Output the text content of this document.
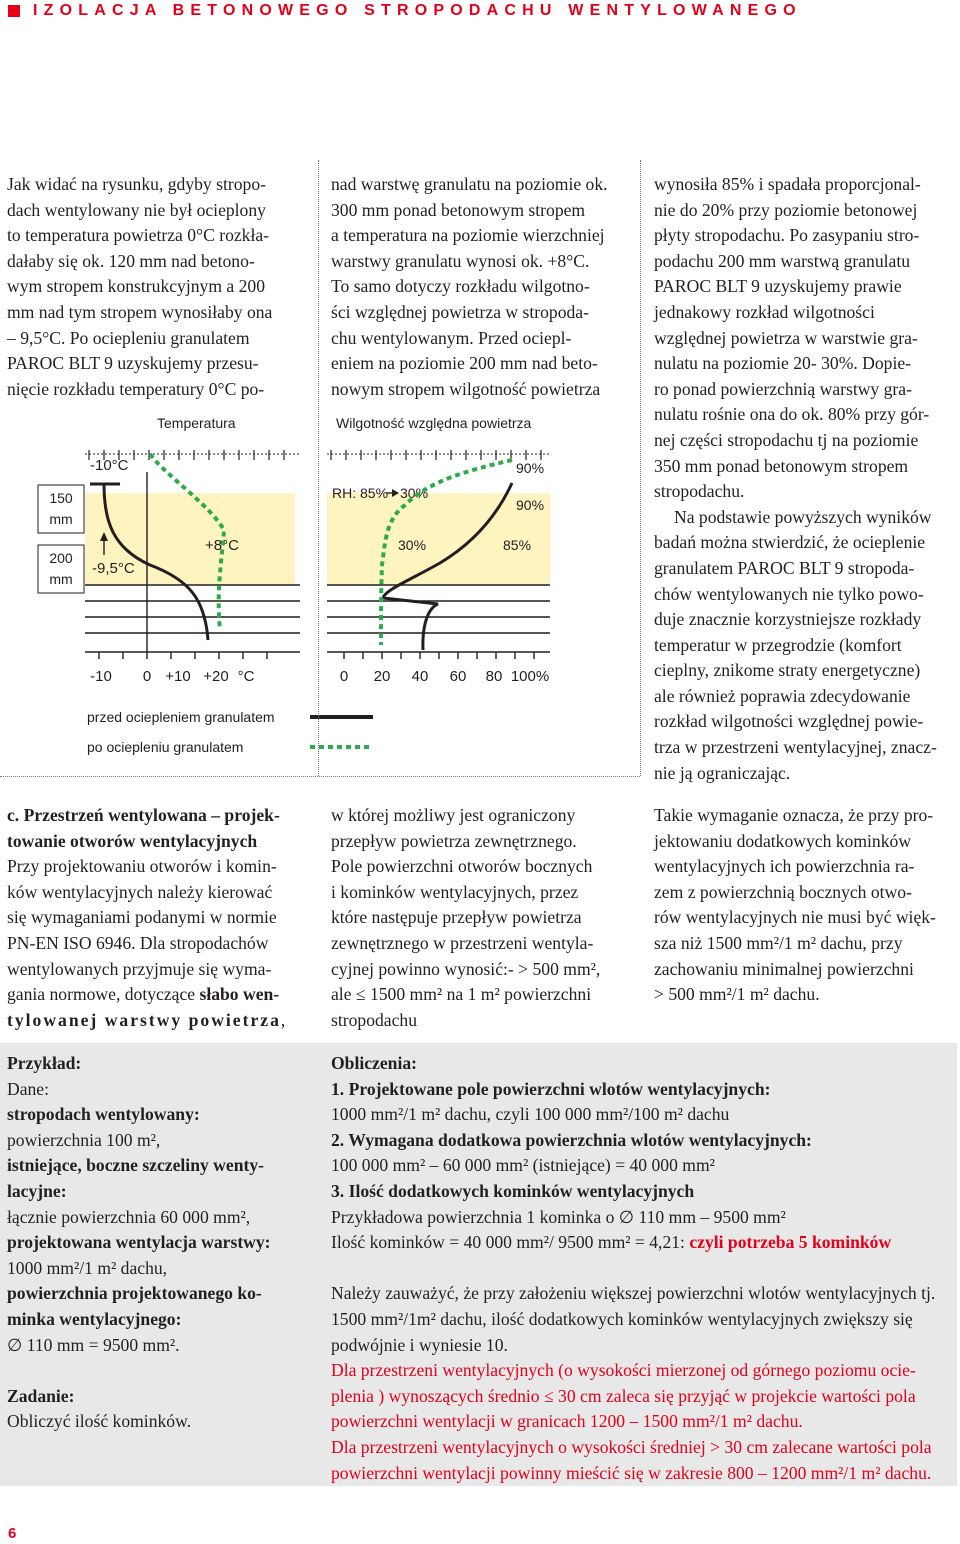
IZOLACJA BETONOWEGO STROPODACHU WENTYLOWANEGO

Jak widać na rysunku, gdyby stropo-

dach wentylowany nie był ocieplony

to temperatura powietrza 0°C rozkła-

dałaby się ok. 120 mm nad betono-

wym stropem konstrukcyjnym a 200

mm nad tym stropem wynosiłaby ona

– 9,5°C. Po ociepleniu granulatem

PAROC BLT 9 uzyskujemy przesu-

nięcie rozkładu temperatury 0°C po-

nad warstwę granulatu na poziomie ok.

300 mm ponad betonowym stropem

a temperatura na poziomie wierzchniej

warstwy granulatu wynosi ok. +8°C.

To samo dotyczy rozkładu wilgotno-

ści względnej powietrza w stropoda-

chu wentylowanym. Przed ociepl-

eniem na poziomie 200 mm nad beto-

nowym stropem wilgotność powietrza

wynosiła 85% i spadała proporcjonal-

nie do 20% przy poziomie betonowej

płyty stropodachu. Po zasypaniu stro-

podachu 200 mm warstwą granulatu

PAROC BLT 9 uzyskujemy prawie

jednakowy rozkład wilgotności

względnej powietrza w warstwie gra-

nulatu na poziomie 20- 30%. Dopie-

ro ponad powierzchnią warstwy gra-

nulatu rośnie ona do ok. 80% przy gór-

nej części stropodachu tj na poziomie

350 mm ponad betonowym stropem

stropodachu.

Na podstawie powyższych wyników

badań można stwierdzić, że ocieplenie

granulatem PAROC BLT 9 stropoda-

chów wentylowanych nie tylko powo-

duje znacznie korzystniejsze rozkłady

temperatur w przegrodzie (komfort

cieplny, znikome straty energetyczne)

ale również poprawia zdecydowanie

rozkład wilgotności względnej powie-

trza w przestrzeni wentylacyjnej, znacz-

nie ją ograniczając.

Temperatura	Wilgotność względna powietrza
150
mm
200
mm
-10°C
+8°C
-9,5°C
RH: 85% 30%
90%
90%
30%	85%
-10 0 +10 +20 °C	0 20 40 60 80 100%
przed ociepleniem granulatem
po ociepleniu granulatem

c. Przestrzeń wentylowana – projek-

towanie otworów wentylacyjnych

Przy projektowaniu otworów i komin-

ków wentylacyjnych należy kierować

się wymaganiami podanymi w normie

PN-EN ISO 6946. Dla stropodachów

wentylowanych przyjmuje się wyma-

gania normowe, dotyczące słabo wen-

tylowanej warstwy powietrza,

w której możliwy jest ograniczony

przepływ powietrza zewnętrznego.

Pole powierzchni otworów bocznych

i kominków wentylacyjnych, przez

które następuje przepływ powietrza

zewnętrznego w przestrzeni wentyla-

cyjnej powinno wynosić:- > 500 mm²,

ale ≤ 1500 mm² na 1 m² powierzchni

stropodachu

Takie wymaganie oznacza, że przy pro-

jektowaniu dodatkowych kominków

wentylacyjnych ich powierzchnia ra-

zem z powierzchnią bocznych otwo-

rów wentylacyjnych nie musi być więk-

sza niż 1500 mm²/1 m² dachu, przy

zachowaniu minimalnej powierzchni

> 500 mm²/1 m² dachu.

Przykład:

Dane:

stropodach wentylowany:

powierzchnia 100 m²,

istniejące, boczne szczeliny wenty-

lacyjne:

łącznie powierzchnia 60 000 mm²,

projektowana wentylacja warstwy:

1000 mm²/1 m² dachu,

powierzchnia projektowanego ko-

minka wentylacyjnego:

∅ 110 mm = 9500 mm².

Zadanie:

Obliczyć ilość kominków.

Obliczenia:

1. Projektowane pole powierzchni wlotów wentylacyjnych:

1000 mm²/1 m² dachu, czyli 100 000 mm²/100 m² dachu

2. Wymagana dodatkowa powierzchnia wlotów wentylacyjnych:

100 000 mm² – 60 000 mm² (istniejące) = 40 000 mm²

3. Ilość dodatkowych kominków wentylacyjnych

Przykładowa powierzchnia 1 kominka o ∅ 110 mm – 9500 mm²

Ilość kominków = 40 000 mm²/ 9500 mm² = 4,21: czyli potrzeba 5 kominków

Należy zauważyć, że przy założeniu większej powierzchni wlotów wentylacyjnych tj.

1500 mm²/1m² dachu, ilość dodatkowych kominków wentylacyjnych zwiększy się

podwójnie i wyniesie 10.

Dla przestrzeni wentylacyjnych (o wysokości mierzonej od górnego poziomu ocie-

plenia ) wynoszących średnio ≤ 30 cm zaleca się przyjąć w projekcie wartości pola

powierzchni wentylacji w granicach 1200 – 1500 mm²/1 m² dachu.

Dla przestrzeni wentylacyjnych o wysokości średniej > 30 cm zalecane wartości pola

powierzchni wentylacji powinny mieścić się w zakresie 800 – 1200 mm²/1 m² dachu.

6
